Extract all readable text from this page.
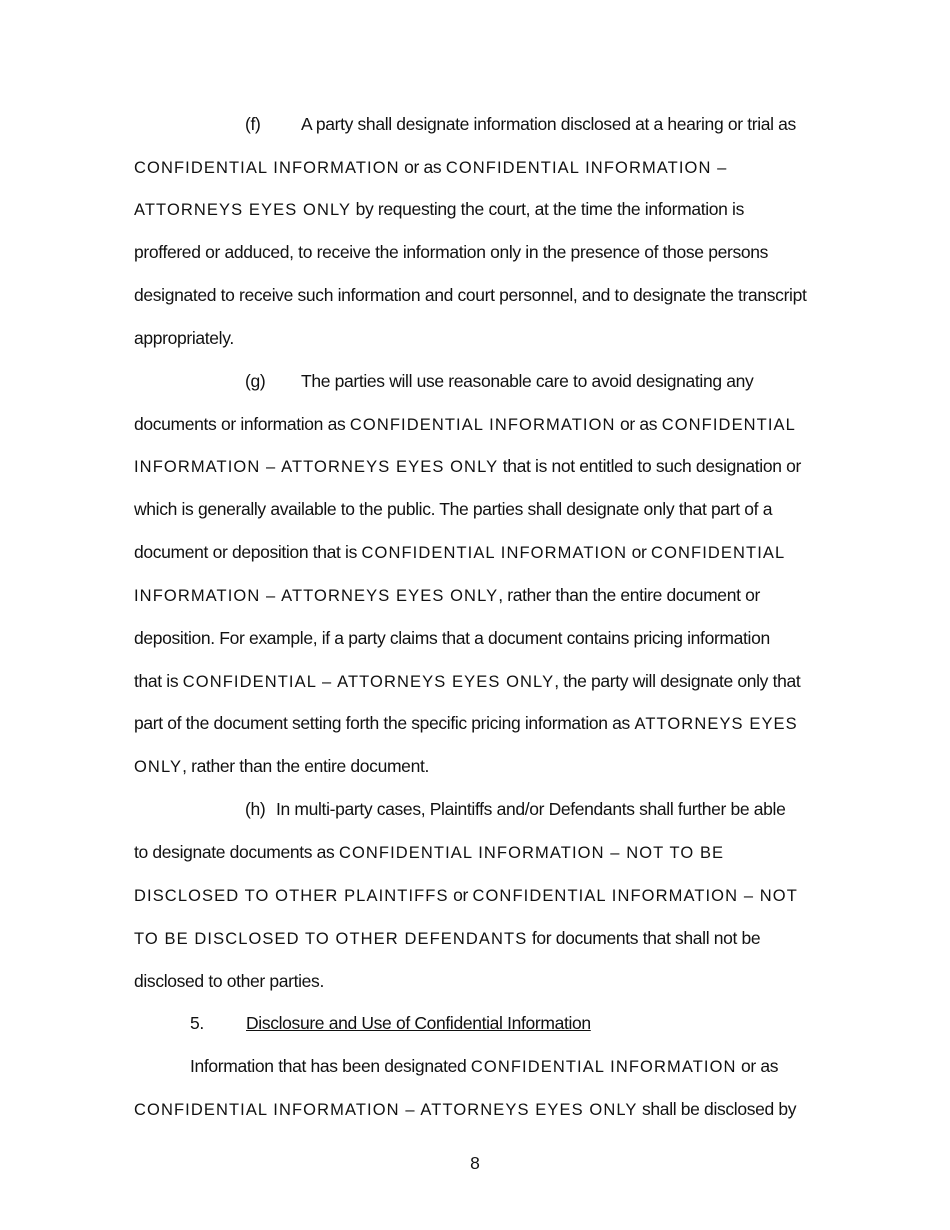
(f) A party shall designate information disclosed at a hearing or trial as
CONFIDENTIAL INFORMATION or as CONFIDENTIAL INFORMATION –
ATTORNEYS EYES ONLY by requesting the court, at the time the information is
proffered or adduced, to receive the information only in the presence of those persons
designated to receive such information and court personnel, and to designate the transcript
appropriately.
(g) The parties will use reasonable care to avoid designating any
documents or information as CONFIDENTIAL INFORMATION or as CONFIDENTIAL
INFORMATION – ATTORNEYS EYES ONLY that is not entitled to such designation or
which is generally available to the public. The parties shall designate only that part of a
document or deposition that is CONFIDENTIAL INFORMATION or CONFIDENTIAL
INFORMATION – ATTORNEYS EYES ONLY, rather than the entire document or
deposition. For example, if a party claims that a document contains pricing information
that is CONFIDENTIAL – ATTORNEYS EYES ONLY, the party will designate only that
part of the document setting forth the specific pricing information as ATTORNEYS EYES
ONLY, rather than the entire document.
(h) In multi-party cases, Plaintiffs and/or Defendants shall further be able
to designate documents as CONFIDENTIAL INFORMATION – NOT TO BE
DISCLOSED TO OTHER PLAINTIFFS or CONFIDENTIAL INFORMATION – NOT
TO BE DISCLOSED TO OTHER DEFENDANTS for documents that shall not be
disclosed to other parties.
5. Disclosure and Use of Confidential Information
Information that has been designated CONFIDENTIAL INFORMATION or as
CONFIDENTIAL INFORMATION – ATTORNEYS EYES ONLY shall be disclosed by
8
